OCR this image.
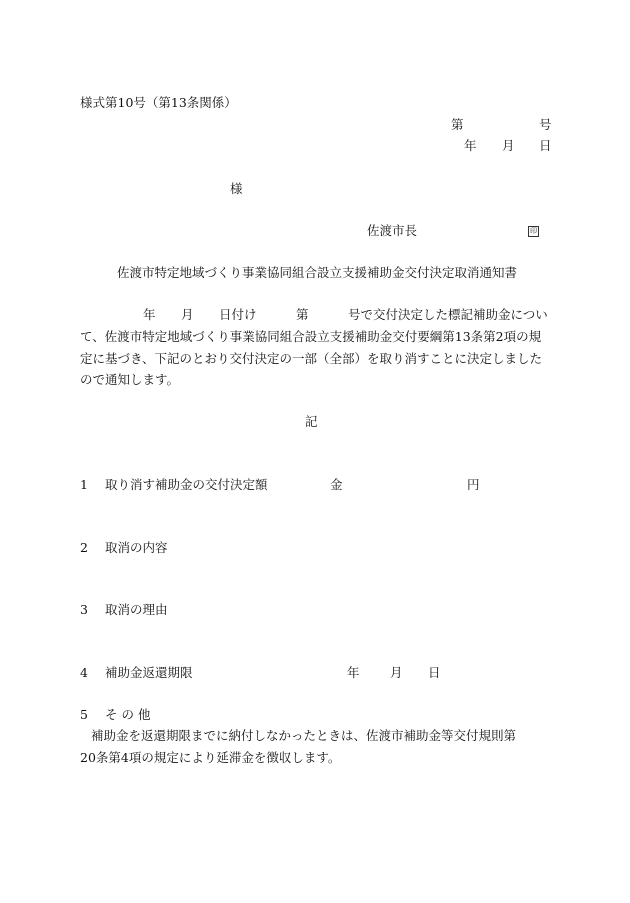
様式第10号（第13条関係）
第	号
年 月 日
様
佐渡市長	印
佐渡市特定地域づくり事業協同組合設立支援補助金交付決定取消通知書
年 月 日付け	第	号で交付決定した標記補助金につい
て、佐渡市特定地域づくり事業協同組合設立支援補助金交付要綱第13条第2項の規
定に基づき、下記のとおり交付決定の一部（全部）を取り消すことに決定しました
ので通知します。
記
1 取り消す補助金の交付決定額	金	円
2 取消の内容
3 取消の理由
4 補助金返還期限	年 月 日
5 そ の 他
補助金を返還期限までに納付しなかったときは、佐渡市補助金等交付規則第
20条第4項の規定により延滞金を徴収します。
